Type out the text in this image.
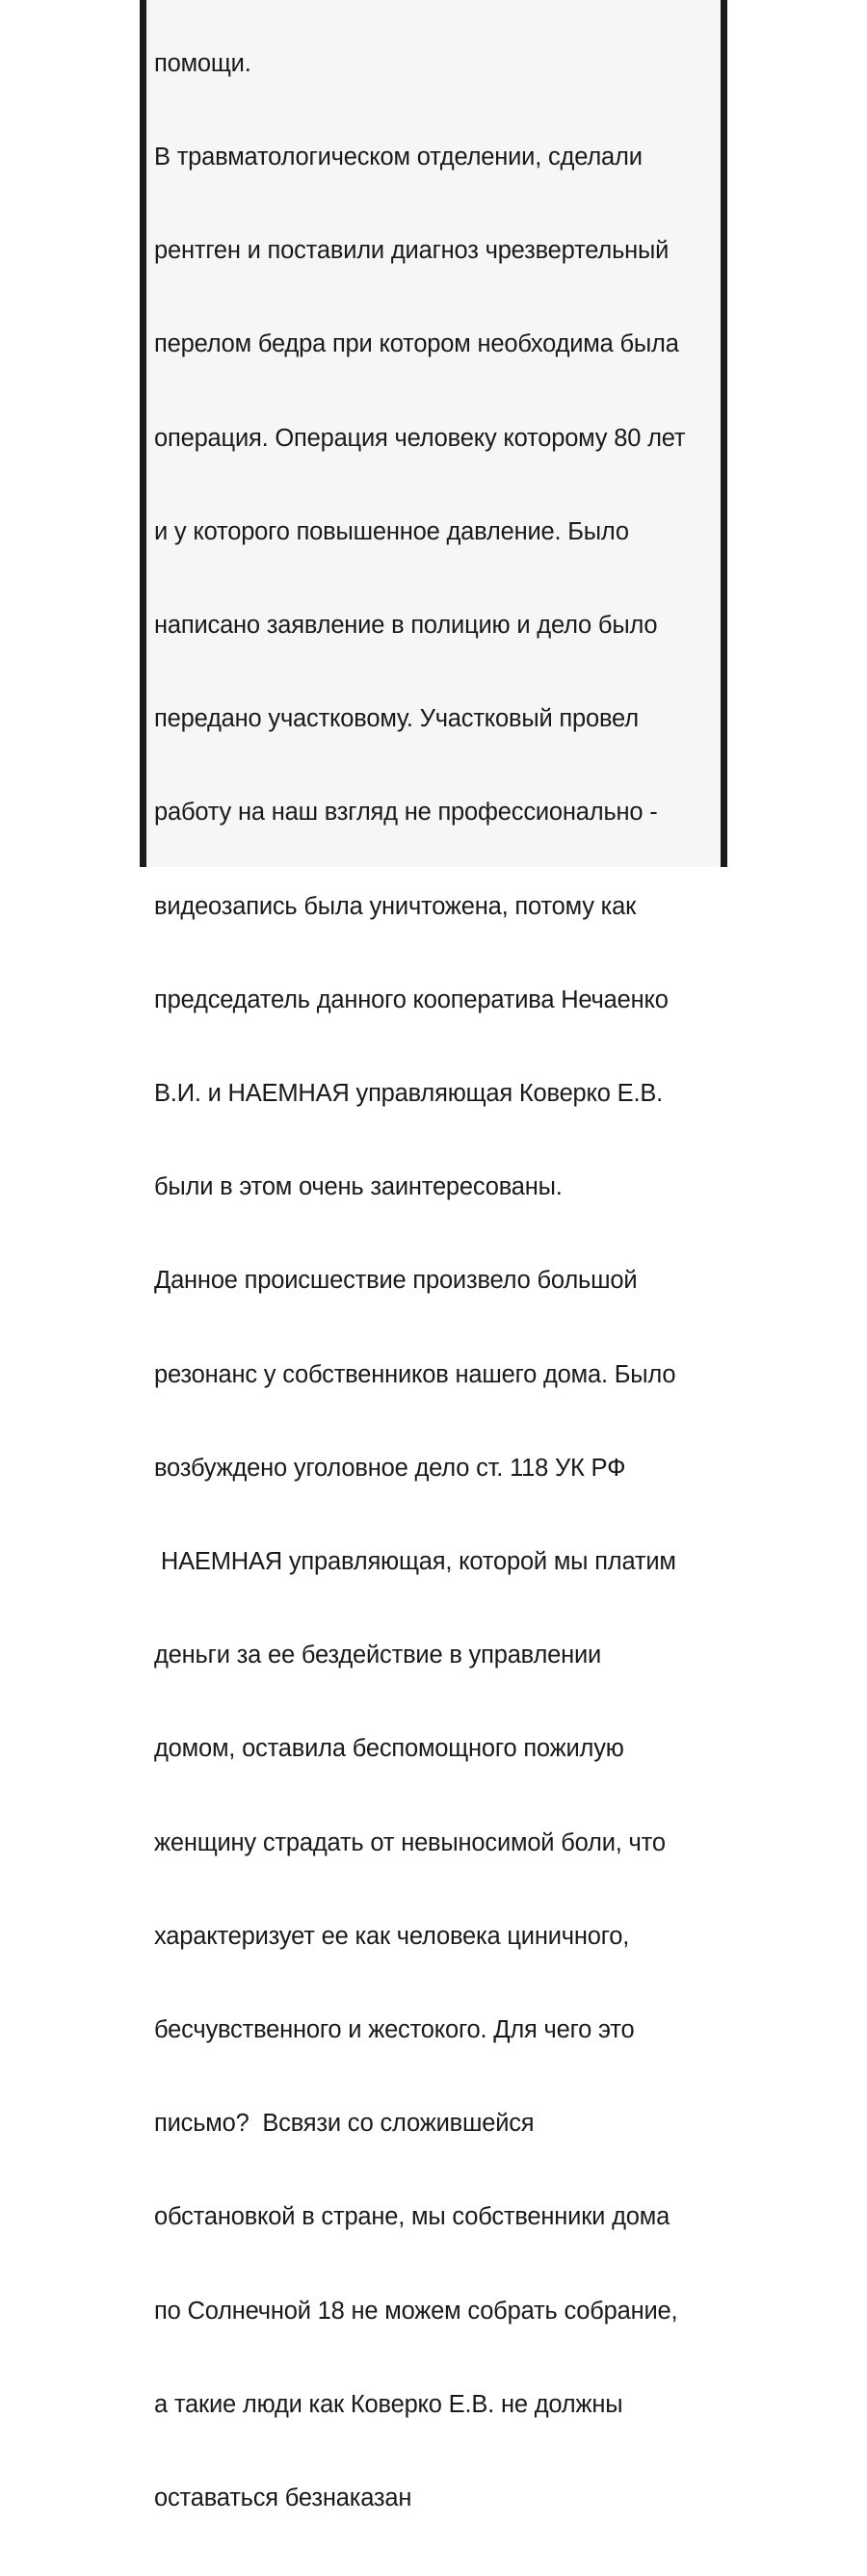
помощи.

В травматологическом отделении, сделали

рентген и поставили диагноз чрезвертельный

перелом бедра при котором необходима была

операция. Операция человеку которому 80 лет

и у которого повышенное давление. Было

написано заявление в полицию и дело было

передано участковому. Участковый провел

работу на наш взгляд не профессионально -

видеозапись была уничтожена, потому как

председатель данного кооператива Нечаенко

В.И. и НАЕМНАЯ управляющая Коверко Е.В.

были в этом очень заинтересованы.

Данное происшествие произвело большой

резонанс у собственников нашего дома. Было

возбуждено уголовное дело ст. 118 УК РФ

НАЕМНАЯ управляющая, которой мы платим

деньги за ее бездействие в управлении

домом, оставила беспомощного пожилую

женщину страдать от невыносимой боли, что

характеризует ее как человека циничного,

бесчувственного и жестокого. Для чего это

письмо?  Всвязи со сложившейся

обстановкой в стране, мы собственники дома

по Солнечной 18 не можем собрать собрание,

а такие люди как Коверко Е.В. не должны

оставаться безнаказан
